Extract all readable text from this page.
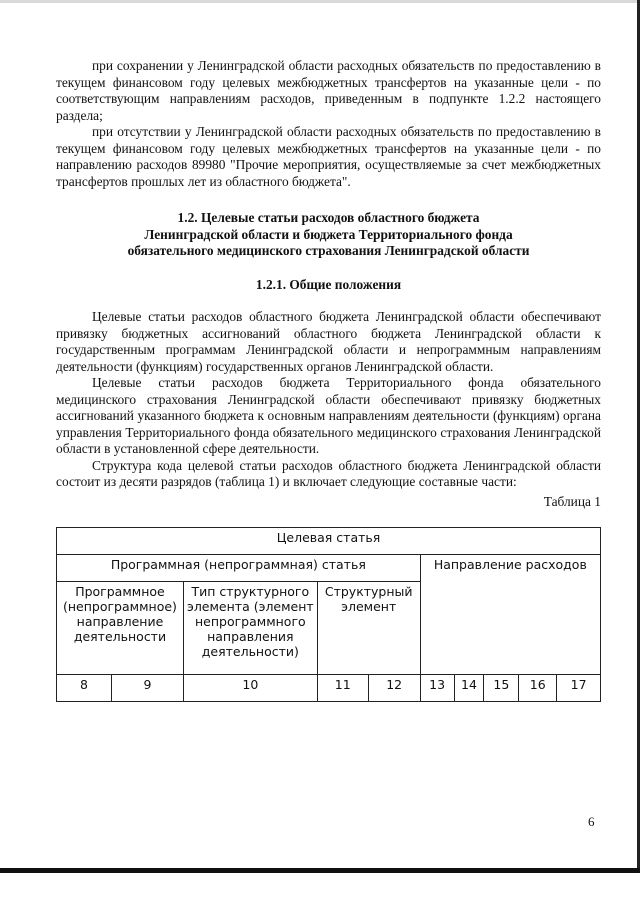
при сохранении у Ленинградской области расходных обязательств по предоставлению в текущем финансовом году целевых межбюджетных трансфертов на указанные цели - по соответствующим направлениям расходов, приведенным в подпункте 1.2.2 настоящего раздела;

при отсутствии у Ленинградской области расходных обязательств по предоставлению в текущем финансовом году целевых межбюджетных трансфертов на указанные цели - по направлению расходов 89980 "Прочие мероприятия, осуществляемые за счет межбюджетных трансфертов прошлых лет из областного бюджета".

1.2. Целевые статьи расходов областного бюджета
Ленинградской области и бюджета Территориального фонда
обязательного медицинского страхования Ленинградской области
1.2.1. Общие положения

Целевые статьи расходов областного бюджета Ленинградской области обеспечивают привязку бюджетных ассигнований областного бюджета Ленинградской области к государственным программам Ленинградской области и непрограммным направлениям деятельности (функциям) государственных органов Ленинградской области.

Целевые статьи расходов бюджета Территориального фонда обязательного медицинского страхования Ленинградской области обеспечивают привязку бюджетных ассигнований указанного бюджета к основным направлениям деятельности (функциям) органа управления Территориального фонда обязательного медицинского страхования Ленинградской области в установленной сфере деятельности.

Структура кода целевой статьи расходов областного бюджета Ленинградской области состоит из десяти разрядов (таблица 1) и включает следующие составные части:

Таблица 1

Целевая статья									
Программная (непрограммная) статья					Направление расходов				
Программное (непрограммное) направление деятельности		Тип структурного элемента (элемент непрограммного направления деятельности)	Структурный элемент						
8	9	10	11	12	13	14	15	16	17
6
